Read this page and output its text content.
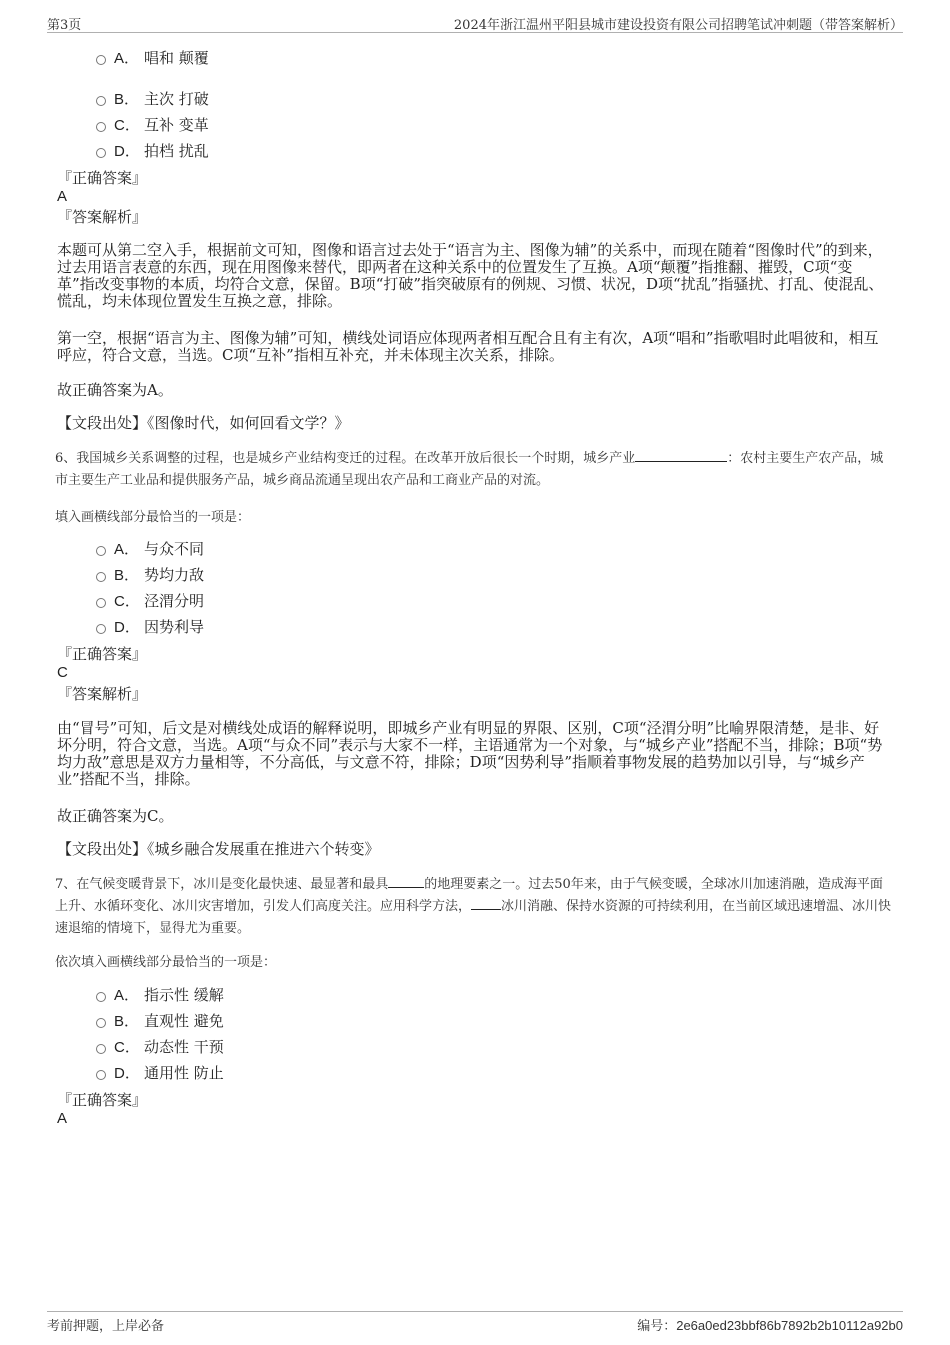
第3页	2024年浙江温州平阳县城市建设投资有限公司招聘笔试冲刺题（带答案解析）
A． 唱和 颠覆
B． 主次 打破
C． 互补 变革
D． 拍档 扰乱
『正确答案』
A
『答案解析』
本题可从第二空入手，根据前文可知，图像和语言过去处于“语言为主、图像为辅”的关系中，而现在随着“图像时代”的到来，过去用语言表意的东西，现在用图像来替代，即两者在这种关系中的位置发生了互换。A项“颠覆”指推翻、摧毁，C项“变革”指改变事物的本质，均符合文意，保留。B项“打破”指突破原有的例规、习惯、状况，D项“扰乱”指骚扰、打乱、使混乱、慌乱，均未体现位置发生互换之意，排除。
第一空，根据“语言为主、图像为辅”可知，横线处词语应体现两者相互配合且有主有次，A项“唱和”指歌唱时此唱彼和，相互呼应，符合文意，当选。C项“互补”指相互补充，并未体现主次关系，排除。
故正确答案为A。
【文段出处】《图像时代，如何回看文学？》
6、我国城乡关系调整的过程，也是城乡产业结构变迁的过程。在改革开放后很长一个时期，城乡产业	：农村主要生产农产品，城市主要生产工业品和提供服务产品，城乡商品流通呈现出农产品和工商业产品的对流。
填入画横线部分最恰当的一项是：
A． 与众不同
B． 势均力敌
C． 泾渭分明
D． 因势利导
『正确答案』
C
『答案解析』
由“冒号”可知，后文是对横线处成语的解释说明，即城乡产业有明显的界限、区别，C项“泾渭分明”比喻界限清楚，是非、好坏分明，符合文意，当选。A项“与众不同”表示与大家不一样，主语通常为一个对象，与“城乡产业”搭配不当，排除；B项“势均力敌”意思是双方力量相等，不分高低，与文意不符，排除；D项“因势利导”指顺着事物发展的趋势加以引导，与“城乡产业”搭配不当，排除。
故正确答案为C。
【文段出处】《城乡融合发展重在推进六个转变》
7、在气候变暖背景下，冰川是变化最快速、最显著和最具	的地理要素之一。过去50年来，由于气候变暖，全球冰川加速消融，造成海平面上升、水循环变化、冰川灾害增加，引发人们高度关注。应用科学方法， 冰川消融、保持水资源的可持续利用，在当前区域迅速增温、冰川快速退缩的情境下，显得尤为重要。
依次填入画横线部分最恰当的一项是：
A． 指示性 缓解
B． 直观性 避免
C． 动态性 干预
D． 通用性 防止
『正确答案』
A
考前押题，上岸必备	编号：2e6a0ed23bbf86b7892b2b10112a92b0
